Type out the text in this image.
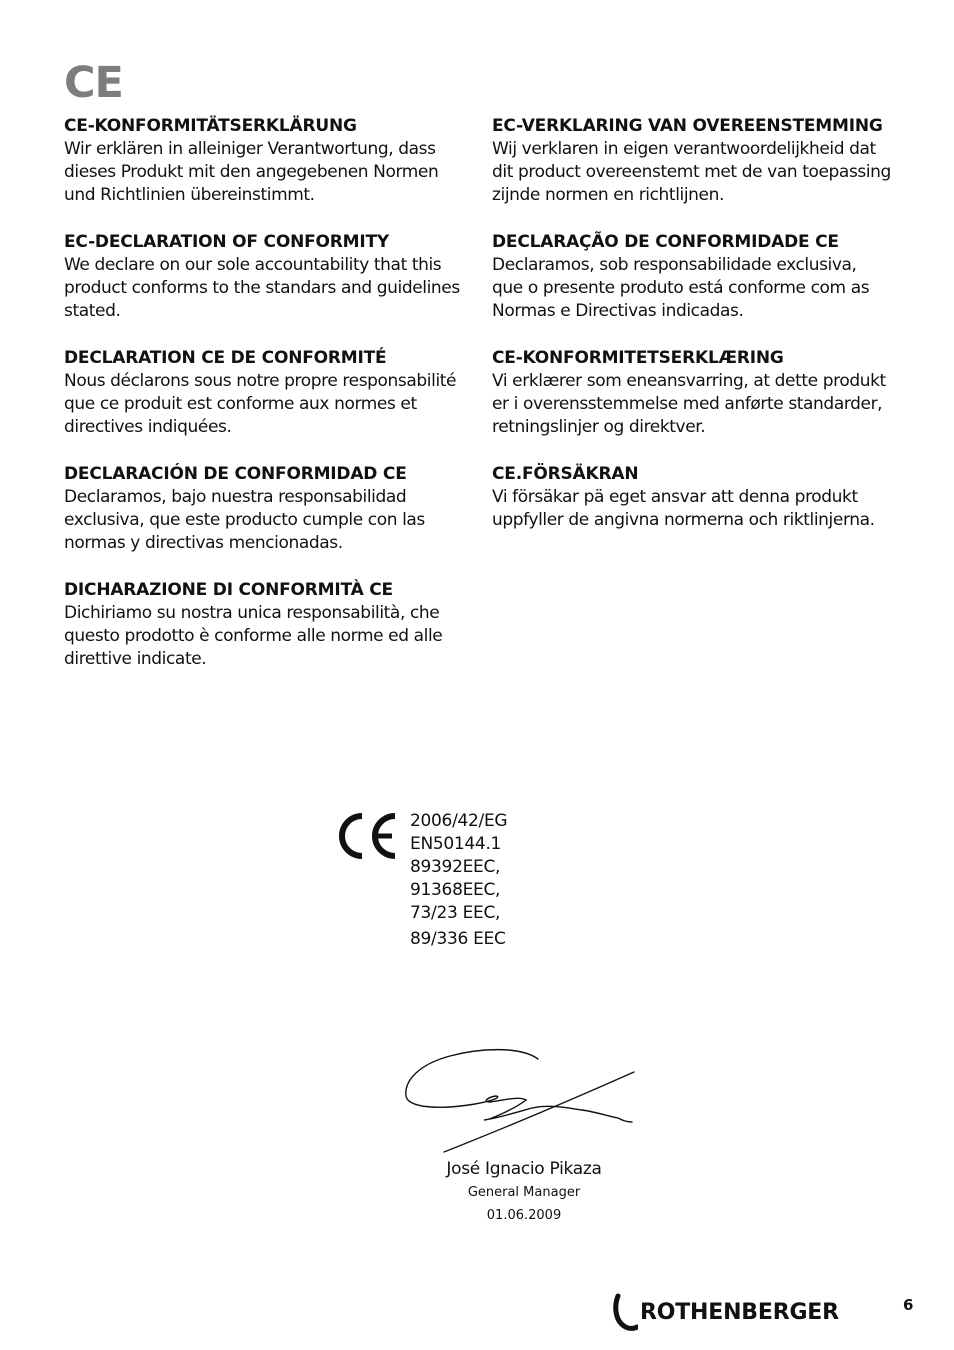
CE
CE-KONFORMITÄTSERKLÄRUNG
Wir erklären in alleiniger Verantwortung, dass
dieses Produkt mit den angegebenen Normen
und Richtlinien übereinstimmt.
EC-DECLARATION OF CONFORMITY
We declare on our sole accountability that this
product conforms to the standars and guidelines
stated.
DECLARATION CE DE CONFORMITÉ
Nous déclarons sous notre propre responsabilité
que ce produit est conforme aux normes et
directives indiquées.
DECLARACIÓN DE CONFORMIDAD CE
Declaramos, bajo nuestra responsabilidad
exclusiva, que este producto cumple con las
normas y directivas mencionadas.
DICHARAZIONE DI CONFORMITÀ CE
Dichiriamo su nostra unica responsabilità, che
questo prodotto è conforme alle norme ed alle
direttive indicate.
EC-VERKLARING VAN OVEREENSTEMMING
Wij verklaren in eigen verantwoordelijkheid dat
dit product overeenstemt met de van toepassing
zijnde normen en richtlijnen.
DECLARAÇÃO DE CONFORMIDADE CE
Declaramos, sob responsabilidade exclusiva,
que o presente produto está conforme com as
Normas e Directivas indicadas.
CE-KONFORMITETSERKLÆRING
Vi erklærer som eneansvarring, at dette produkt
er i overensstemmelse med anførte standarder,
retningslinjer og direktver.
CE.FÖRSÄKRAN
Vi försäkar pä eget ansvar att denna produkt
uppfyller de angivna normerna och riktlinjerna.
2006/42/EG
EN50144.1
89392EEC,
91368EEC,
73/23 EEC,
89/336 EEC
José Ignacio Pikaza
General Manager
01.06.2009
ROTHENBERGER	6
